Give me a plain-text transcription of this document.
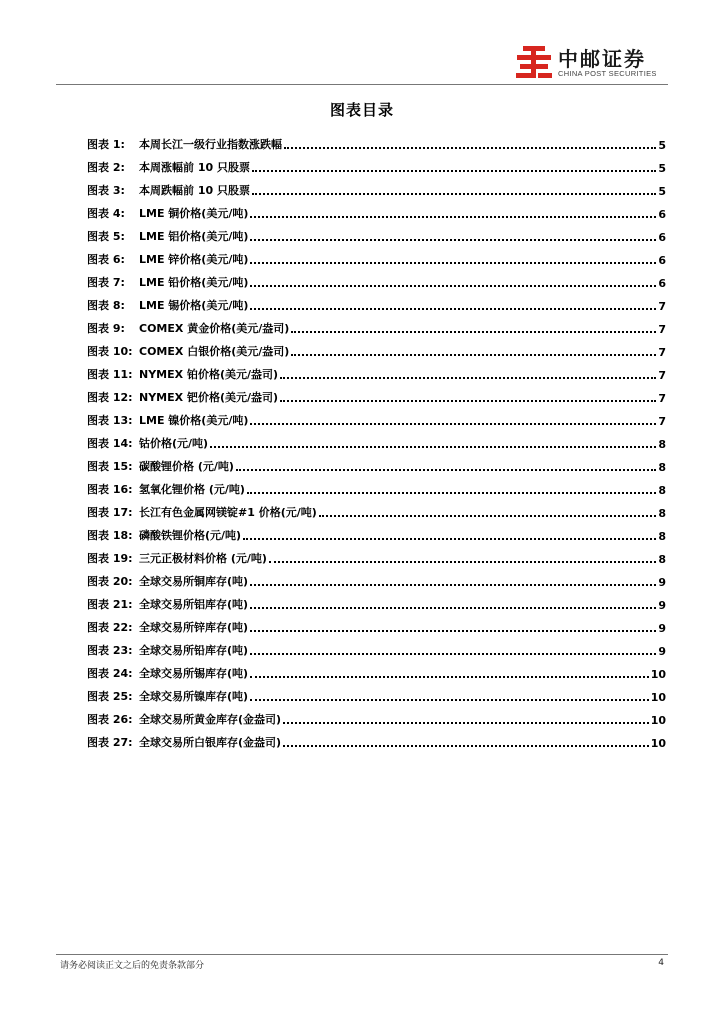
中邮证券
CHINA POST SECURITIES
图表目录
图表 1:	本周长江一级行业指数涨跌幅	5
图表 2:	本周涨幅前 10 只股票	5
图表 3:	本周跌幅前 10 只股票	5
图表 4:	LME 铜价格(美元/吨)	6
图表 5:	LME 铝价格(美元/吨)	6
图表 6:	LME 锌价格(美元/吨)	6
图表 7:	LME 铅价格(美元/吨)	6
图表 8:	LME 锡价格(美元/吨)	7
图表 9:	COMEX 黄金价格(美元/盎司)	7
图表 10: COMEX 白银价格(美元/盎司)	7
图表 11: NYMEX 铂价格(美元/盎司)	7
图表 12: NYMEX 钯价格(美元/盎司)	7
图表 13: LME 镍价格(美元/吨)	7
图表 14: 钴价格(元/吨)	8
图表 15: 碳酸锂价格 (元/吨)	8
图表 16: 氢氧化锂价格 (元/吨)	8
图表 17: 长江有色金属网镁锭#1 价格(元/吨)	8
图表 18: 磷酸铁锂价格(元/吨)	8
图表 19: 三元正极材料价格 (元/吨)	8
图表 20: 全球交易所铜库存(吨)	9
图表 21: 全球交易所铝库存(吨)	9
图表 22: 全球交易所锌库存(吨)	9
图表 23: 全球交易所铅库存(吨)	9
图表 24: 全球交易所锡库存(吨)	10
图表 25: 全球交易所镍库存(吨)	10
图表 26: 全球交易所黄金库存(金盎司)	10
图表 27: 全球交易所白银库存(金盎司)	10
请务必阅读正文之后的免责条款部分	4
